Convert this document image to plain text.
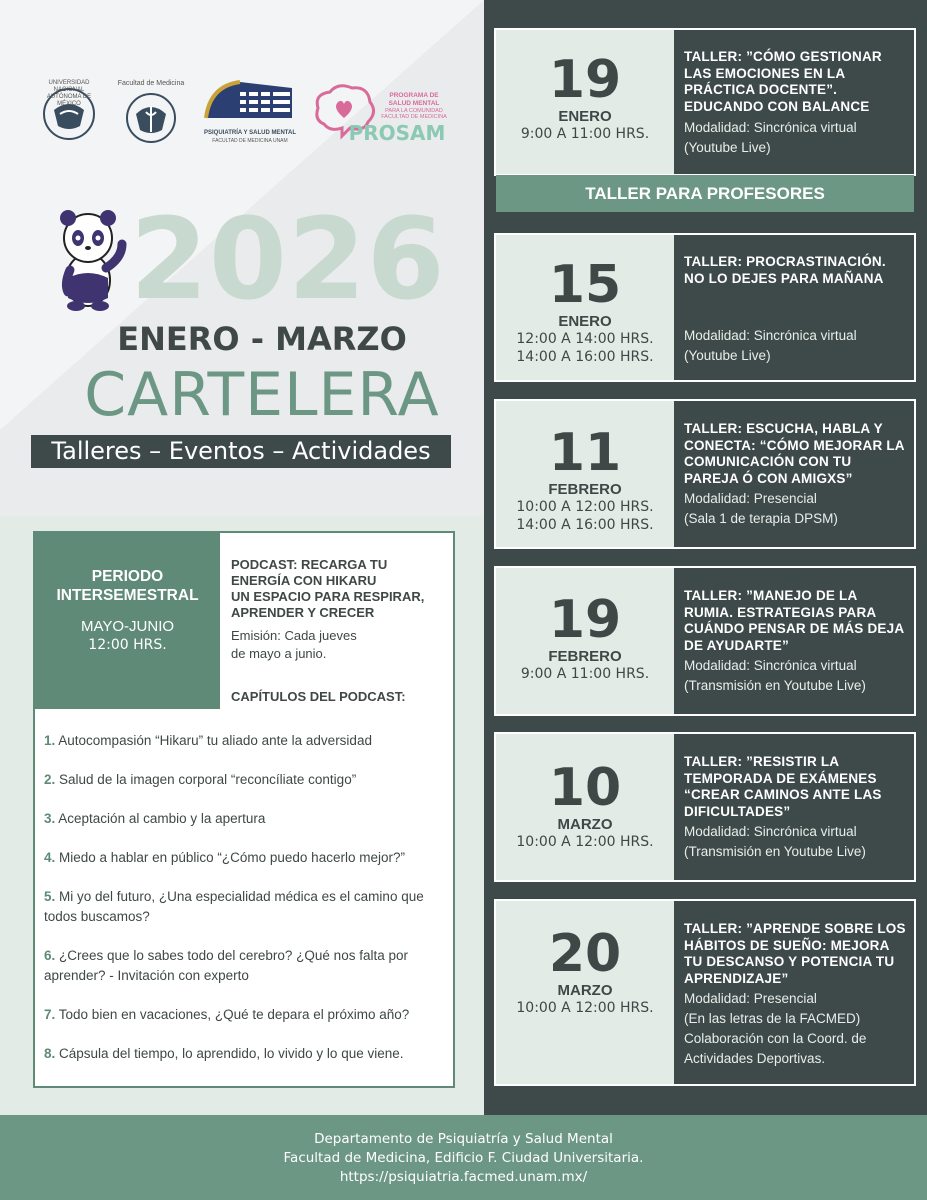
UNIVERSIDAD NACIONAL AUTÓNOMA DE MÉXICO
Facultad de Medicina
PSIQUIATRÍA Y SALUD MENTAL
FACULTAD DE MEDICINA UNAM
PROGRAMA DE
SALUD MENTAL
PARA LA COMUNIDAD
FACULTAD DE MEDICINA
PROSAM
2026
ENERO - MARZO
CARTELERA
Talleres – Eventos – Actividades
PERIODO INTERSEMESTRAL
MAYO-JUNIO
12:00 HRS.
PODCAST: RECARGA TU
ENERGÍA CON HIKARU
UN ESPACIO PARA RESPIRAR,
APRENDER Y CRECER
Emisión: Cada jueves
de mayo a junio.
CAPÍTULOS DEL PODCAST:
1. Autocompasión “Hikaru” tu aliado ante la adversidad
2. Salud de la imagen corporal “reconcíliate contigo”
3. Aceptación al cambio y la apertura
4. Miedo a hablar en público “¿Cómo puedo hacerlo mejor?”
5. Mi yo del futuro, ¿Una especialidad médica es el camino que todos buscamos?
6. ¿Crees que lo sabes todo del cerebro? ¿Qué nos falta por aprender? - Invitación con experto
7. Todo bien en vacaciones, ¿Qué te depara el próximo año?
8. Cápsula del tiempo, lo aprendido, lo vivido y lo que viene.
19
ENERO
9:00 A 11:00 HRS.
TALLER: ”CÓMO GESTIONAR LAS EMOCIONES EN LA PRÁCTICA DOCENTE”. EDUCANDO CON BALANCE
Modalidad: Sincrónica virtual
(Youtube Live)
TALLER PARA PROFESORES
15
ENERO
12:00 A 14:00 HRS.
14:00 A 16:00 HRS.
TALLER: PROCRASTINACIÓN. NO LO DEJES PARA MAÑANA
Modalidad: Sincrónica virtual
(Youtube Live)
11
FEBRERO
10:00 A 12:00 HRS.
14:00 A 16:00 HRS.
TALLER: ESCUCHA, HABLA Y CONECTA: “CÓMO MEJORAR LA COMUNICACIÓN CON TU PAREJA Ó CON AMIGXS”
Modalidad: Presencial
(Sala 1 de terapia DPSM)
19
FEBRERO
9:00 A 11:00 HRS.
TALLER: ”MANEJO DE LA RUMIA. ESTRATEGIAS PARA CUÁNDO PENSAR DE MÁS DEJA DE AYUDARTE”
Modalidad: Sincrónica virtual
(Transmisión en Youtube Live)
10
MARZO
10:00 A 12:00 HRS.
TALLER: ”RESISTIR LA TEMPORADA DE EXÁMENES “CREAR CAMINOS ANTE LAS DIFICULTADES”
Modalidad: Sincrónica virtual
(Transmisión en Youtube Live)
20
MARZO
10:00 A 12:00 HRS.
TALLER: ”APRENDE SOBRE LOS HÁBITOS DE SUEÑO: MEJORA TU DESCANSO Y POTENCIA TU APRENDIZAJE”
Modalidad: Presencial
(En las letras de la FACMED)
Colaboración con la Coord. de
Actividades Deportivas.
Departamento de Psiquiatría y Salud Mental
Facultad de Medicina, Edificio F. Ciudad Universitaria.
https://psiquiatria.facmed.unam.mx/
